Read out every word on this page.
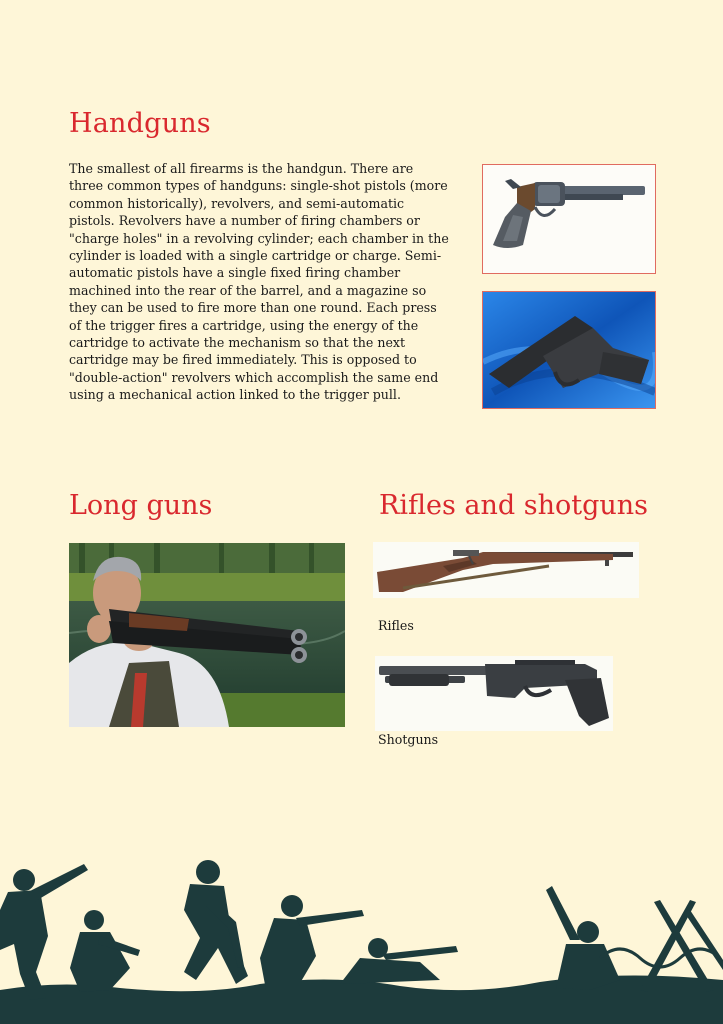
Handguns

The smallest of all firearms is the handgun. There are three common types of handguns: single-shot pistols (more common historically), revolvers, and semi-automatic pistols. Revolvers have a number of firing chambers or "charge holes" in a revolving cylinder; each chamber in the cylinder is loaded with a single cartridge or charge. Semi-automatic pistols have a single fixed firing chamber machined into the rear of the barrel, and a magazine so they can be used to fire more than one round. Each press of the trigger fires a cartridge, using the energy of the cartridge to activate the mechanism so that the next cartridge may be fired immediately. This is opposed to "double-action" revolvers which accomplish the same end using a mechanical action linked to the trigger pull.

Long guns	Rifles and shotguns
Rifles
Shotguns
